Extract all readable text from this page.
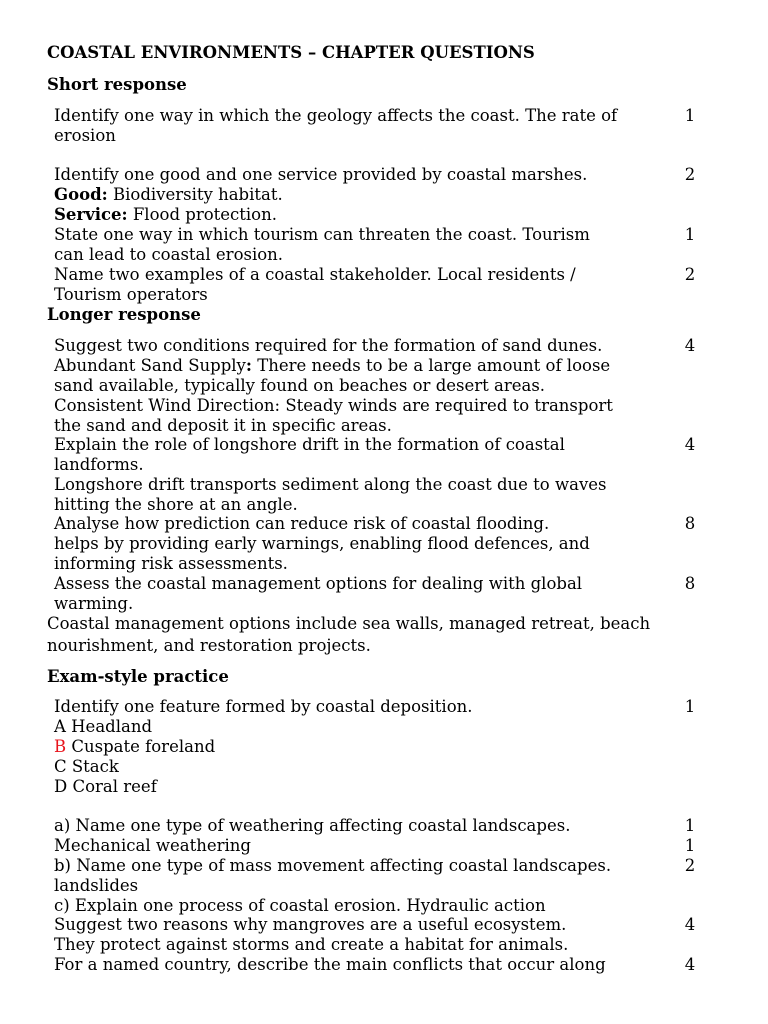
COASTAL ENVIRONMENTS – CHAPTER QUESTIONS
Short response
Identify one way in which the geology affects the coast. The rate of	1
erosion
Identify one good and one service provided by coastal marshes.	2
Good: Biodiversity habitat.
Service: Flood protection.
State one way in which tourism can threaten the coast. Tourism	1
can lead to coastal erosion.
Name two examples of a coastal stakeholder. Local residents /	2
Tourism operators
Longer response
Suggest two conditions required for the formation of sand dunes.	4
Abundant Sand Supply: There needs to be a large amount of loose
sand available, typically found on beaches or desert areas.
Consistent Wind Direction: Steady winds are required to transport
the sand and deposit it in specific areas.
Explain the role of longshore drift in the formation of coastal	4
landforms.
Longshore drift transports sediment along the coast due to waves
hitting the shore at an angle.
Analyse how prediction can reduce risk of coastal flooding.	8
helps by providing early warnings, enabling flood defences, and
informing risk assessments.
Assess the coastal management options for dealing with global	8
warming.
Coastal management options include sea walls, managed retreat, beach nourishment, and restoration projects.
Exam-style practice
Identify one feature formed by coastal deposition.	1
A Headland
B Cuspate foreland
C Stack
D Coral reef
a) Name one type of weathering affecting coastal landscapes.	1
Mechanical weathering	1
b) Name one type of mass movement affecting coastal landscapes.	2
landslides
c) Explain one process of coastal erosion. Hydraulic action
Suggest two reasons why mangroves are a useful ecosystem.	4
They protect against storms and create a habitat for animals.
For a named country, describe the main conflicts that occur along	4
